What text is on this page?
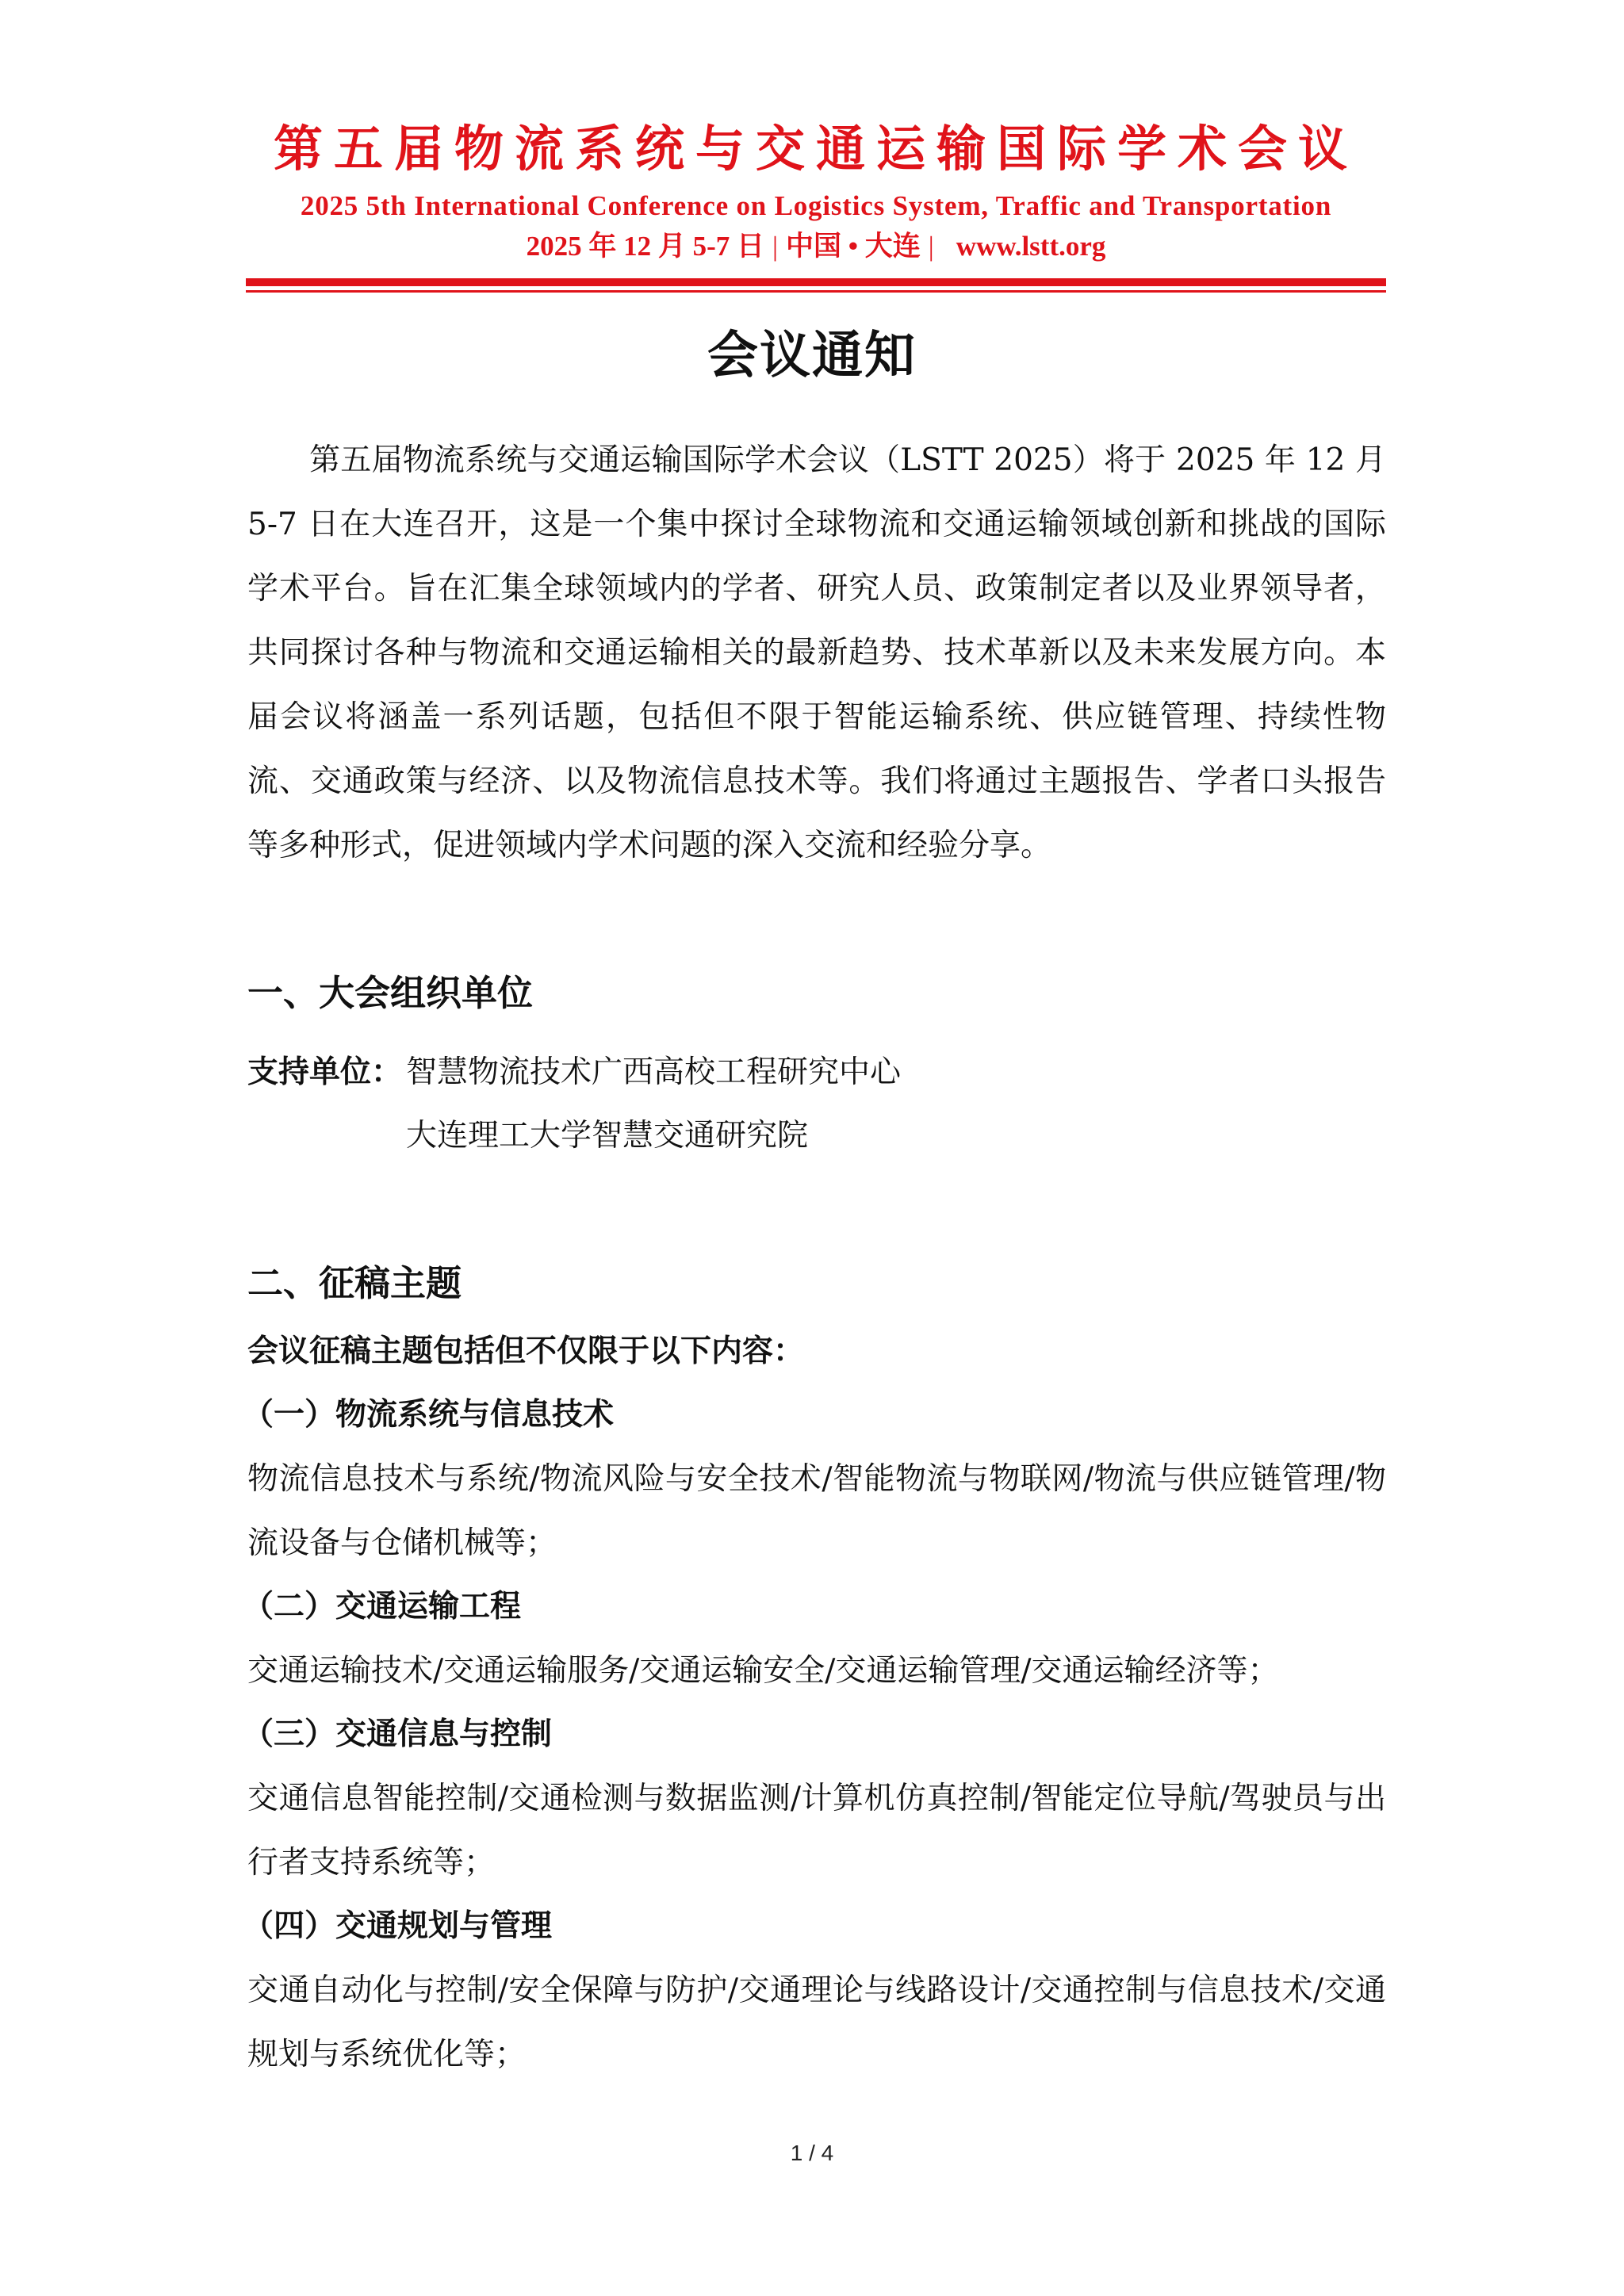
第五届物流系统与交通运输国际学术会议
2025 5th International Conference on Logistics System, Traffic and Transportation
2025 年 12 月 5-7 日 | 中国 • 大连 | www.lstt.org
会议通知

第五届物流系统与交通运输国际学术会议（LSTT 2025）将于 2025 年 12 月 5-7 日在大连召开，这是一个集中探讨全球物流和交通运输领域创新和挑战的国际学术平台。旨在汇集全球领域内的学者、研究人员、政策制定者以及业界领导者，共同探讨各种与物流和交通运输相关的最新趋势、技术革新以及未来发展方向。本届会议将涵盖一系列话题，包括但不限于智能运输系统、供应链管理、持续性物流、交通政策与经济、以及物流信息技术等。我们将通过主题报告、学者口头报告等多种形式，促进领域内学术问题的深入交流和经验分享。

一、大会组织单位
支持单位： 智慧物流技术广西高校工程研究中心
大连理工大学智慧交通研究院
二、征稿主题
会议征稿主题包括但不仅限于以下内容：
（一）物流系统与信息技术
物流信息技术与系统/物流风险与安全技术/智能物流与物联网/物流与供应链管理/物流设备与仓储机械等；
（二）交通运输工程
交通运输技术/交通运输服务/交通运输安全/交通运输管理/交通运输经济等；
（三）交通信息与控制
交通信息智能控制/交通检测与数据监测/计算机仿真控制/智能定位导航/驾驶员与出行者支持系统等；
（四）交通规划与管理
交通自动化与控制/安全保障与防护/交通理论与线路设计/交通控制与信息技术/交通规划与系统优化等；
1 / 4
